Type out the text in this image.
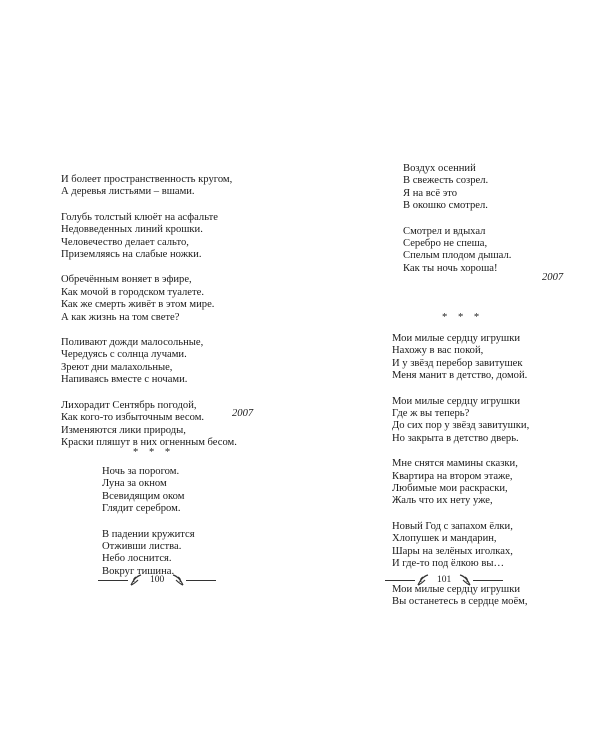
И болеет пространственность кругом,
А деревья листьями – вшами.
Голубь толстый клюёт на асфальте
Недовведенных линий крошки.
Человечество делает сальто,
Приземляясь на слабые ножки.
Обречённым воняет в эфире,
Как мочой в городском туалете.
Как же смерть живёт в этом мире.
А как жизнь на том свете?
Поливают дожди малосольные,
Чередуясь с солнца лучами.
Зреют дни малахольные,
Напиваясь вместе с ночами.
Лихорадит Сентябрь погодой,
Как кого-то избыточным весом.
Изменяются лики природы,
Краски пляшут в них огненным бесом.
2007
* * *
Ночь за порогом.
Луна за окном
Всевидящим оком
Глядит серебром.
В падении кружится
Отживши листва.
Небо лоснится.
Вокруг тишина.
100
Воздух осенний
В свежесть созрел.
Я на всё это
В окошко смотрел.
Смотрел и вдыхал
Серебро не спеша,
Спелым плодом дышал.
Как ты ночь хороша!
2007
* * *
Мои милые сердцу игрушки
Нахожу в вас покой,
И у звёзд перебор завитушек
Меня манит в детство, домой.
Мои милые сердцу игрушки
Где ж вы теперь?
До сих пор у звёзд завитушки,
Но закрыта в детство дверь.
Мне снятся мамины сказки,
Квартира на втором этаже,
Любимые мои раскраски,
Жаль что их нету уже,
Новый Год с запахом ёлки,
Хлопушек и мандарин,
Шары на зелёных иголках,
И где-то под ёлкою вы…
Мои милые сердцу игрушки
Вы останетесь в сердце моём,
101
